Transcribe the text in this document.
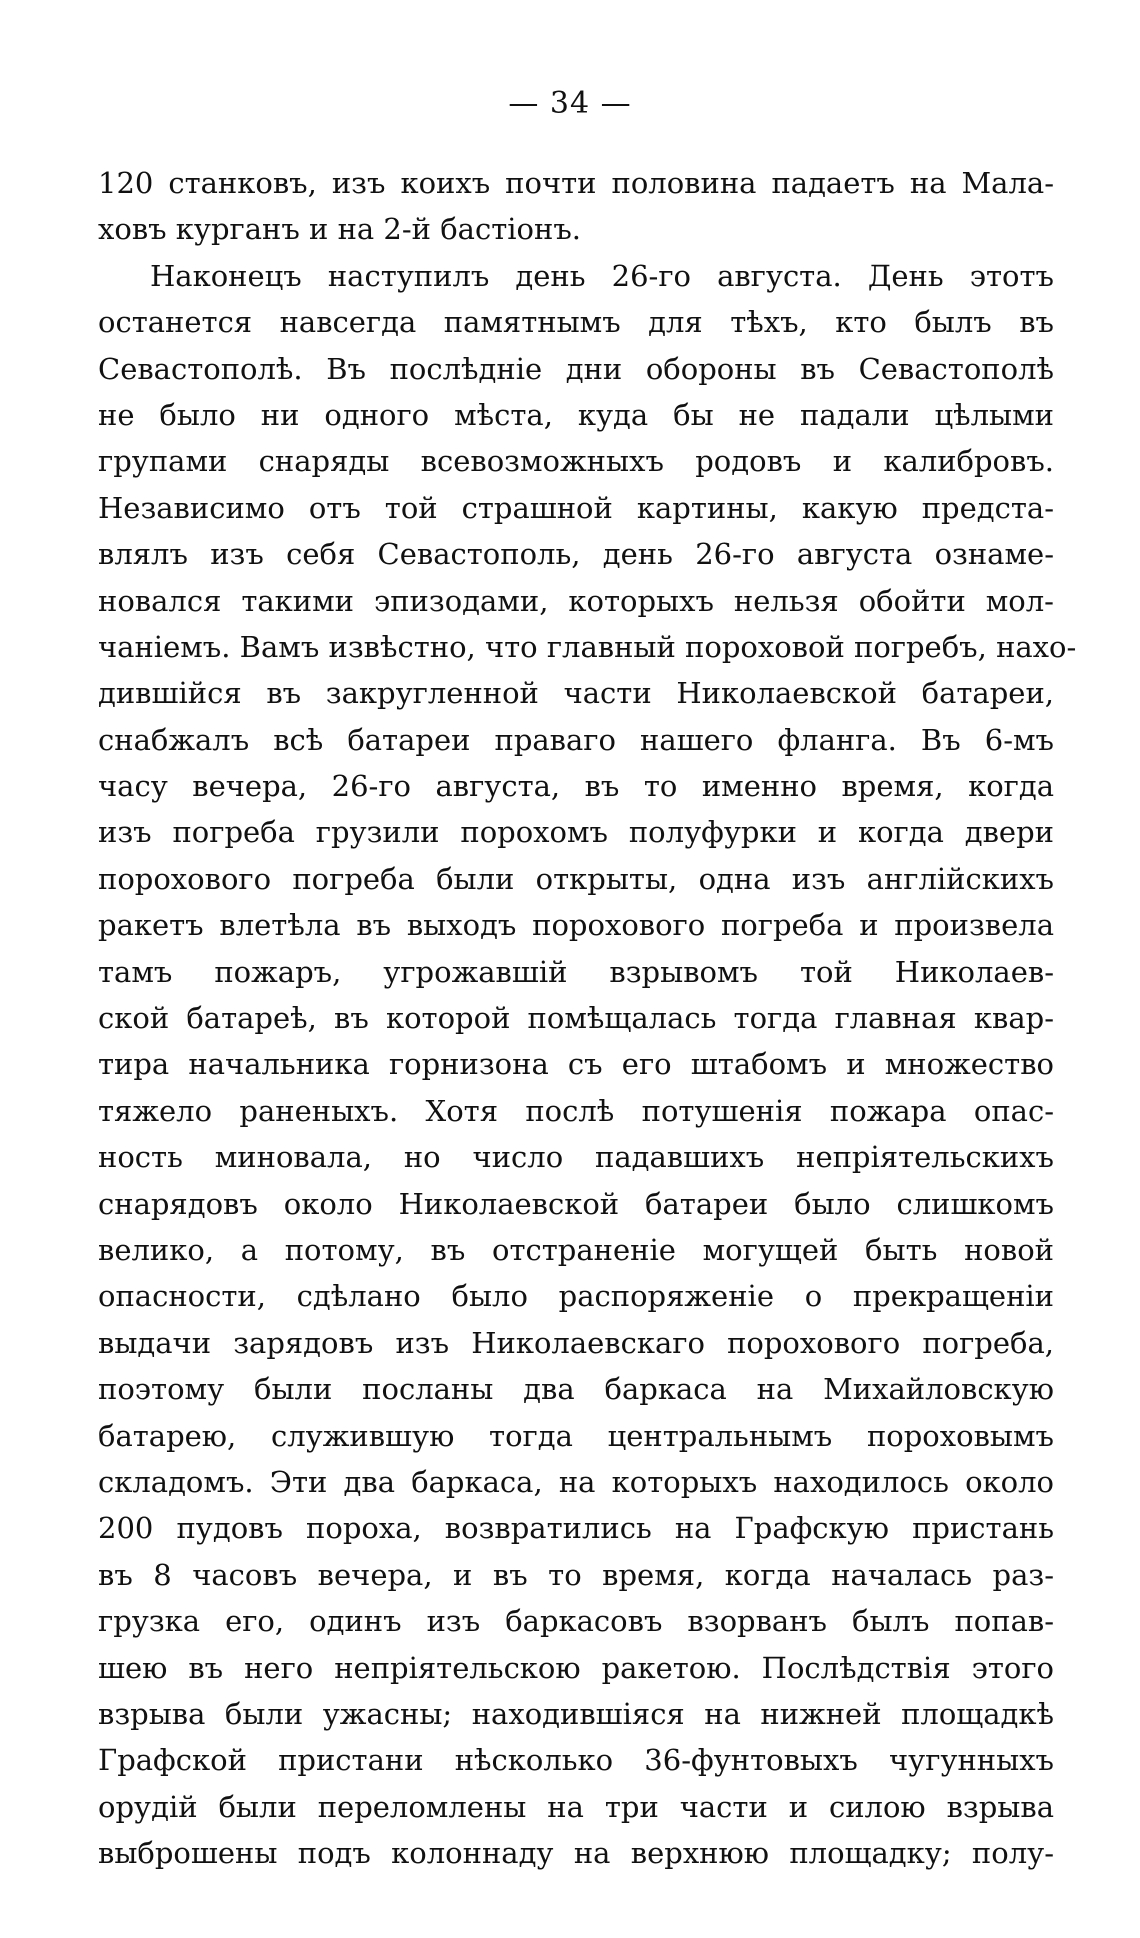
— 34 —
120 станковъ, изъ коихъ почти половина падаетъ на Мала-
ховъ курганъ и на 2-й бастіонъ.
Наконецъ наступилъ день 26-го августа. День этотъ
останется навсегда памятнымъ для тѣхъ, кто былъ въ
Севастополѣ. Въ послѣдніе дни обороны въ Севастополѣ
не было ни одного мѣста, куда бы не падали цѣлыми
групами снаряды всевозможныхъ родовъ и калибровъ.
Независимо отъ той страшной картины, какую предста-
влялъ изъ себя Севастополь, день 26-го августа ознаме-
новался такими эпизодами, которыхъ нельзя обойти мол-
чаніемъ. Вамъ извѣстно, что главный пороховой погребъ, нахо-
дившійся въ закругленной части Николаевской батареи,
снабжалъ всѣ батареи праваго нашего фланга. Въ 6-мъ
часу вечера, 26-го августа, въ то именно время, когда
изъ погреба грузили порохомъ полуфурки и когда двери
порохового погреба были открыты, одна изъ англійскихъ
ракетъ влетѣла въ выходъ порохового погреба и произвела
тамъ пожаръ, угрожавшій взрывомъ той Николаев-
ской батареѣ, въ которой помѣщалась тогда главная квар-
тира начальника горнизона съ его штабомъ и множество
тяжело раненыхъ. Хотя послѣ потушенія пожара опас-
ность миновала, но число падавшихъ непріятельскихъ
снарядовъ около Николаевской батареи было слишкомъ
велико, а потому, въ отстраненіе могущей быть новой
опасности, сдѣлано было распоряженіе о прекращеніи
выдачи зарядовъ изъ Николаевскаго порохового погреба,
поэтому были посланы два баркаса на Михайловскую
батарею, служившую тогда центральнымъ пороховымъ
складомъ. Эти два баркаса, на которыхъ находилось около
200 пудовъ пороха, возвратились на Графскую пристань
въ 8 часовъ вечера, и въ то время, когда началась раз-
грузка его, одинъ изъ баркасовъ взорванъ былъ попав-
шею въ него непріятельскою ракетою. Послѣдствія этого
взрыва были ужасны; находившіяся на нижней площадкѣ
Графской пристани нѣсколько 36-фунтовыхъ чугунныхъ
орудій были переломлены на три части и силою взрыва
выброшены подъ колоннаду на верхнюю площадку; полу-
